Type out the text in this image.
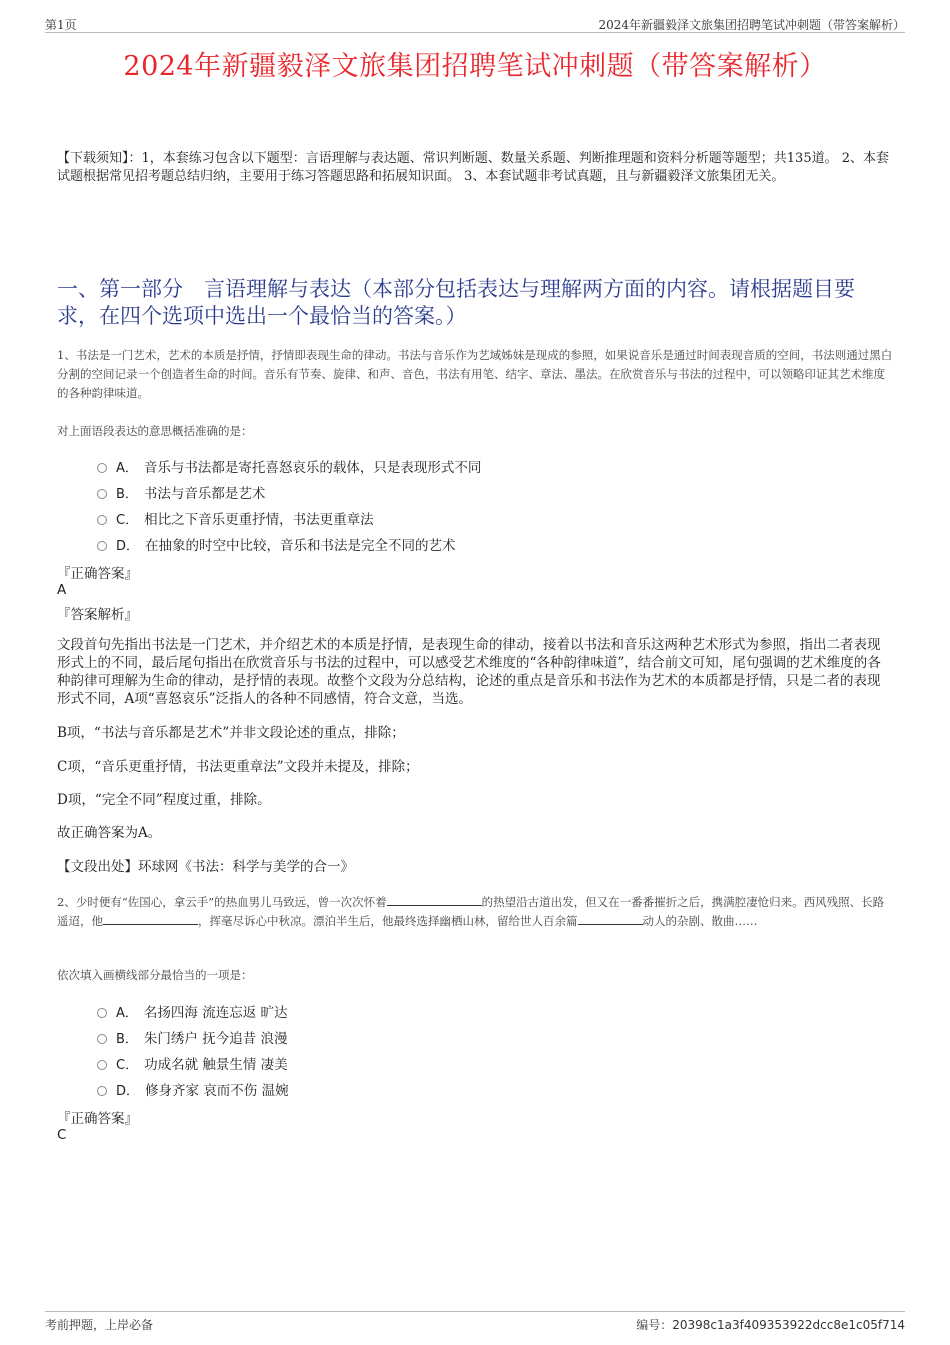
第1页	2024年新疆毅泽文旅集团招聘笔试冲刺题（带答案解析）
2024年新疆毅泽文旅集团招聘笔试冲刺题（带答案解析）
【下载须知】：1，本套练习包含以下题型：言语理解与表达题、常识判断题、数量关系题、判断推理题和资料分析题等题型；共135道。 2、本套试题根据常见招考题总结归纳，主要用于练习答题思路和拓展知识面。 3、本套试题非考试真题，且与新疆毅泽文旅集团无关。
一、第一部分　言语理解与表达（本部分包括表达与理解两方面的内容。请根据题目要求，在四个选项中选出一个最恰当的答案。）
1、书法是一门艺术，艺术的本质是抒情，抒情即表现生命的律动。书法与音乐作为艺域姊妹是现成的参照，如果说音乐是通过时间表现音质的空间，书法则通过黑白分割的空间记录一个创造者生命的时间。音乐有节奏、旋律、和声、音色，书法有用笔、结字、章法、墨法。在欣赏音乐与书法的过程中，可以领略印证其艺术维度的各种韵律味道。
对上面语段表达的意思概括准确的是：
A． 音乐与书法都是寄托喜怒哀乐的载体，只是表现形式不同
B． 书法与音乐都是艺术
C． 相比之下音乐更重抒情，书法更重章法
D． 在抽象的时空中比较，音乐和书法是完全不同的艺术
『正确答案』
A
『答案解析』
文段首句先指出书法是一门艺术，并介绍艺术的本质是抒情，是表现生命的律动，接着以书法和音乐这两种艺术形式为参照，指出二者表现形式上的不同，最后尾句指出在欣赏音乐与书法的过程中，可以感受艺术维度的“各种韵律味道”，结合前文可知，尾句强调的艺术维度的各种韵律可理解为生命的律动，是抒情的表现。故整个文段为分总结构，论述的重点是音乐和书法作为艺术的本质都是抒情，只是二者的表现形式不同，A项“喜怒哀乐”泛指人的各种不同感情，符合文意，当选。
B项，“书法与音乐都是艺术”并非文段论述的重点，排除；
C项，“音乐更重抒情，书法更重章法”文段并未提及，排除；
D项，“完全不同”程度过重，排除。
故正确答案为A。
【文段出处】环球网《书法：科学与美学的合一》
2、少时便有“佐国心，拿云手”的热血男儿马致远，曾一次次怀着	的热望沿古道出发，但又在一番番摧折之后，携满腔凄怆归来。西风残照、长路遥迢，他	，挥毫尽诉心中秋凉。漂泊半生后，他最终选择幽栖山林，留给世人百余篇	动人的杂剧、散曲……
依次填入画横线部分最恰当的一项是：
A． 名扬四海 流连忘返 旷达
B． 朱门绣户 抚今追昔 浪漫
C． 功成名就 触景生情 凄美
D． 修身齐家 哀而不伤 温婉
『正确答案』
C
考前押题，上岸必备	编号：20398c1a3f409353922dcc8e1c05f714
